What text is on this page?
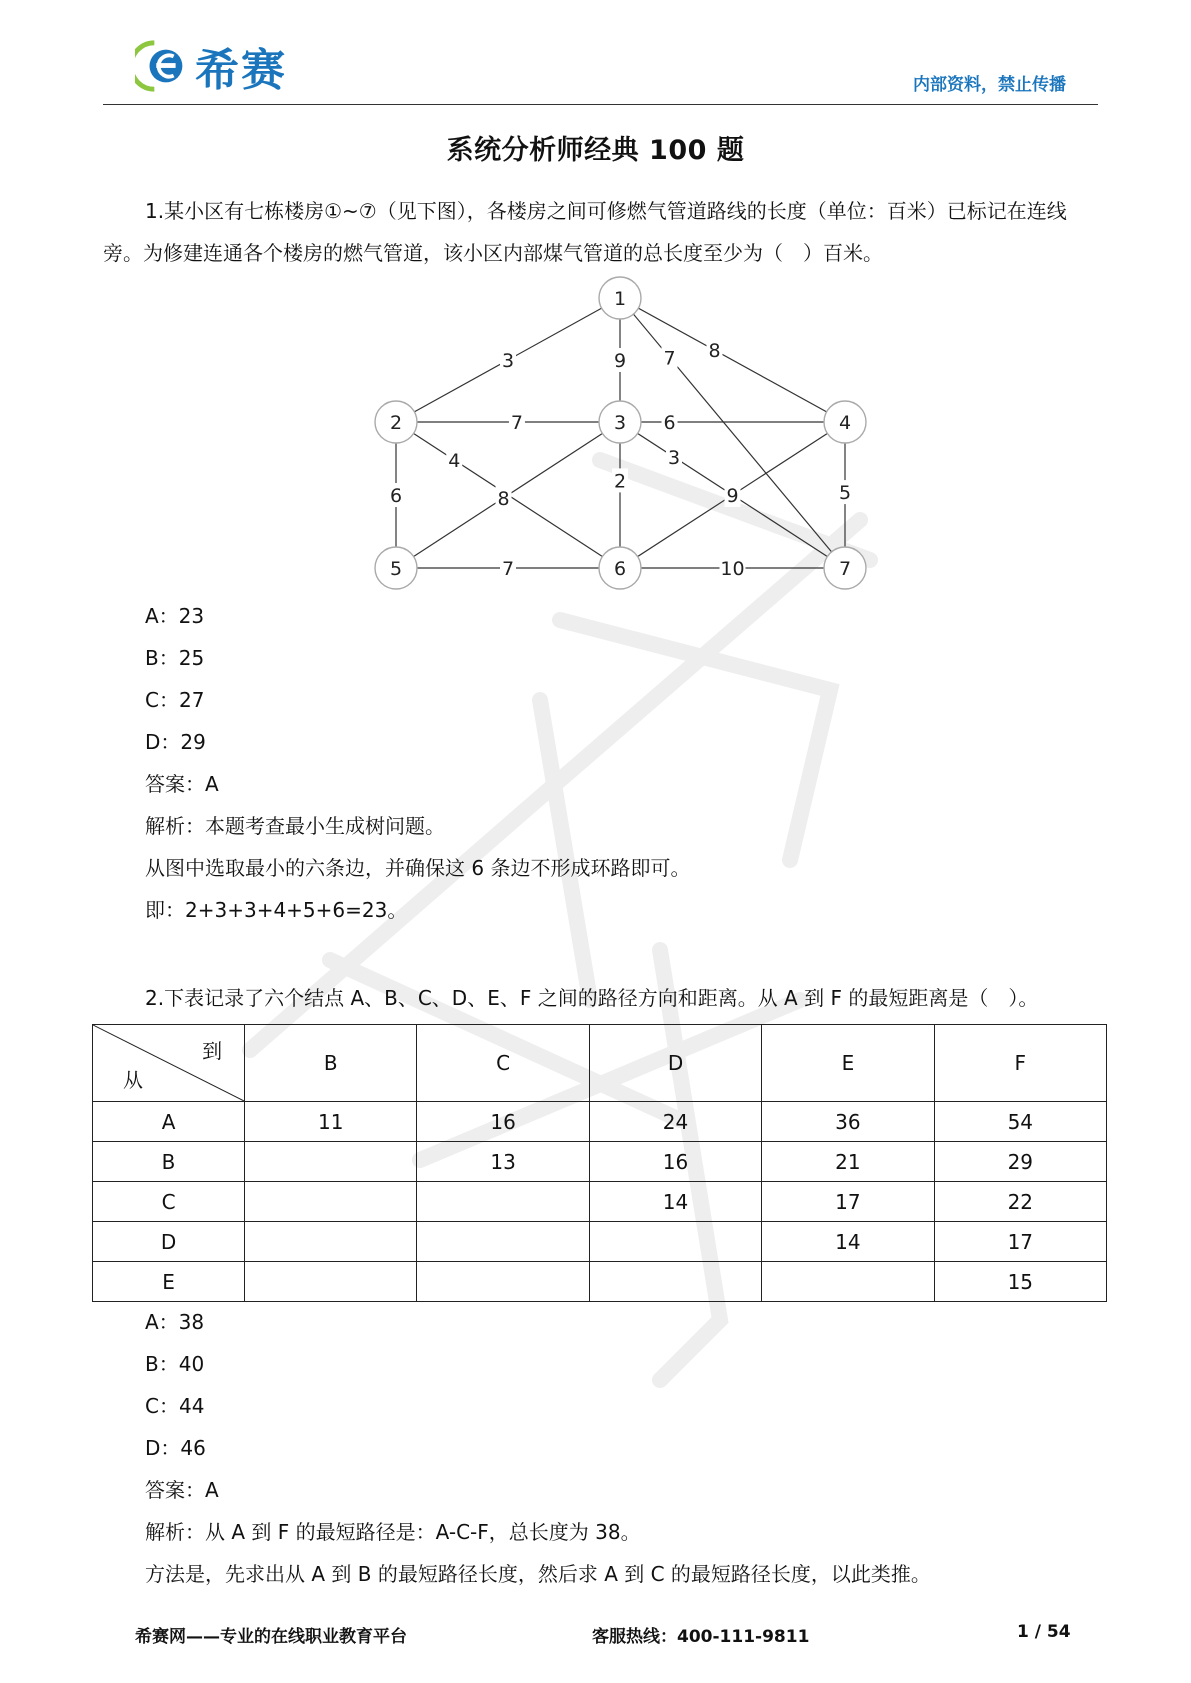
希赛	内部资料，禁止传播
系统分析师经典 100 题
1.某小区有七栋楼房①~⑦（见下图），各楼房之间可修燃气管道路线的长度（单位：百米）已标记在连线旁。为修建连通各个楼房的燃气管道，该小区内部煤气管道的总长度至少为（　）百米。
3	9	8
7
7
4
6
6
3
2
8	9	5
7	10
1
2	3	4
5	6	7
A：23
B：25
C：27
D：29
答案：A
解析：本题考查最小生成树问题。
从图中选取最小的六条边，并确保这 6 条边不形成环路即可。
即：2+3+3+4+5+6=23。
2.下表记录了六个结点 A、B、C、D、E、F 之间的路径方向和距离。从 A 到 F 的最短距离是（　）。
到
从	B	C	D	E	F
A	11	16	24	36	54
B		13	16	21	29
C			14	17	22
D				14	17
E					15
A：38
B：40
C：44
D：46
答案：A
解析：从 A 到 F 的最短路径是：A-C-F，总长度为 38。
方法是，先求出从 A 到 B 的最短路径长度，然后求 A 到 C 的最短路径长度，以此类推。
希赛网——专业的在线职业教育平台	客服热线：400-111-9811	1 / 54
